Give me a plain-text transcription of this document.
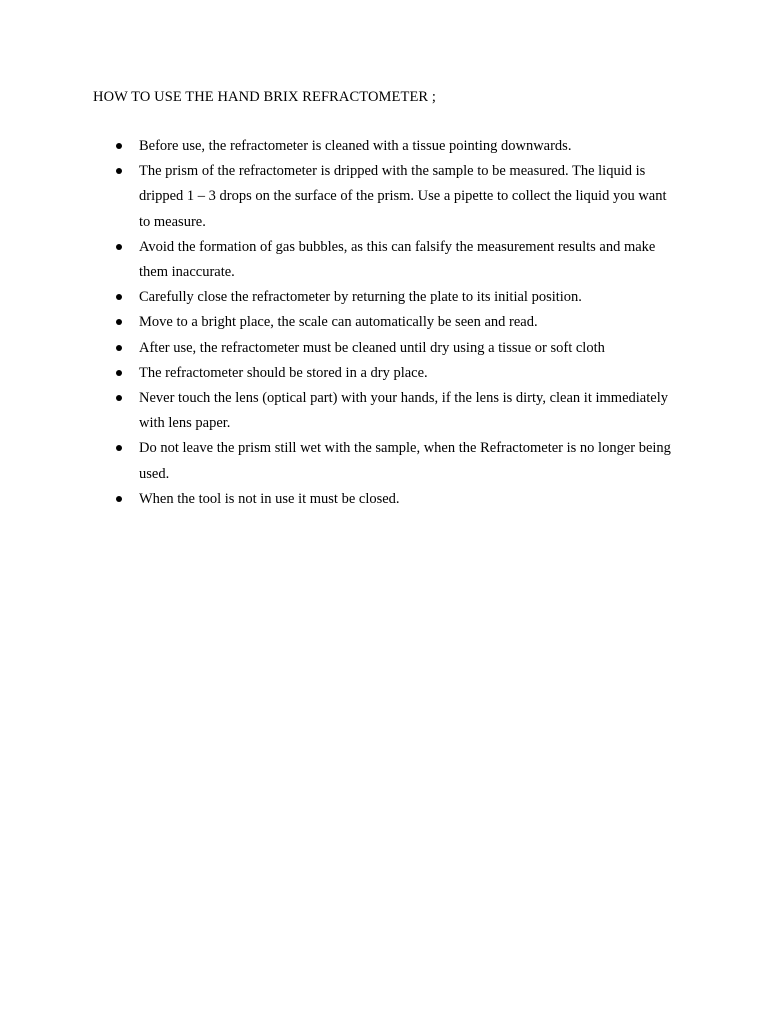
HOW TO USE THE HAND BRIX REFRACTOMETER ;
Before use, the refractometer is cleaned with a tissue pointing downwards.
The prism of the refractometer is dripped with the sample to be measured. The liquid is dripped 1 – 3 drops on the surface of the prism. Use a pipette to collect the liquid you want to measure.
Avoid the formation of gas bubbles, as this can falsify the measurement results and make them inaccurate.
Carefully close the refractometer by returning the plate to its initial position.
Move to a bright place, the scale can automatically be seen and read.
After use, the refractometer must be cleaned until dry using a tissue or soft cloth
The refractometer should be stored in a dry place.
Never touch the lens (optical part) with your hands, if the lens is dirty, clean it immediately with lens paper.
Do not leave the prism still wet with the sample, when the Refractometer is no longer being used.
When the tool is not in use it must be closed.
